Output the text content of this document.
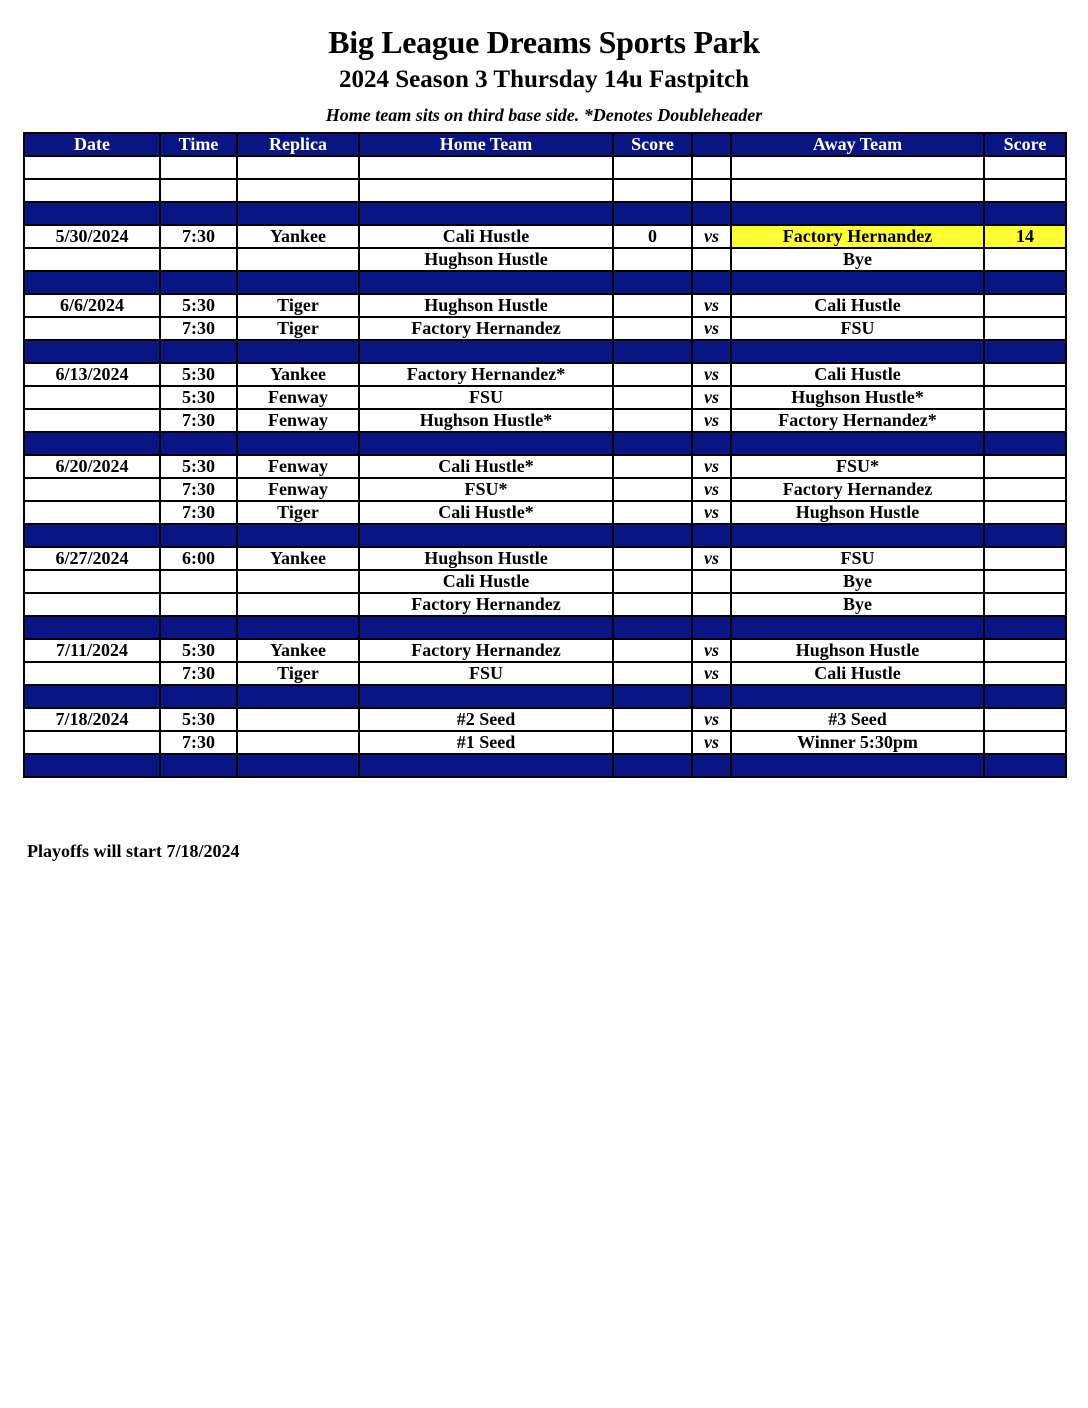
Big League Dreams Sports Park
2024 Season 3 Thursday 14u Fastpitch
Home team sits on third base side. *Denotes Doubleheader
Date	Time	Replica	Home Team	Score		Away Team	Score

5/30/2024	7:30	Yankee	Cali Hustle	0	vs	Factory Hernandez	14
			Hughson Hustle			Bye	

6/6/2024	5:30	Tiger	Hughson Hustle		vs	Cali Hustle	
	7:30	Tiger	Factory Hernandez		vs	FSU	

6/13/2024	5:30	Yankee	Factory Hernandez*		vs	Cali Hustle	
	5:30	Fenway	FSU		vs	Hughson Hustle*	
	7:30	Fenway	Hughson Hustle*		vs	Factory Hernandez*	

6/20/2024	5:30	Fenway	Cali Hustle*		vs	FSU*	
	7:30	Fenway	FSU*		vs	Factory Hernandez	
	7:30	Tiger	Cali Hustle*		vs	Hughson Hustle	

6/27/2024	6:00	Yankee	Hughson Hustle		vs	FSU	
			Cali Hustle			Bye	
			Factory Hernandez			Bye	

7/11/2024	5:30	Yankee	Factory Hernandez		vs	Hughson Hustle	
	7:30	Tiger	FSU		vs	Cali Hustle	

7/18/2024	5:30		#2 Seed		vs	#3 Seed	
	7:30		#1 Seed		vs	Winner 5:30pm	

Playoffs will start 7/18/2024
